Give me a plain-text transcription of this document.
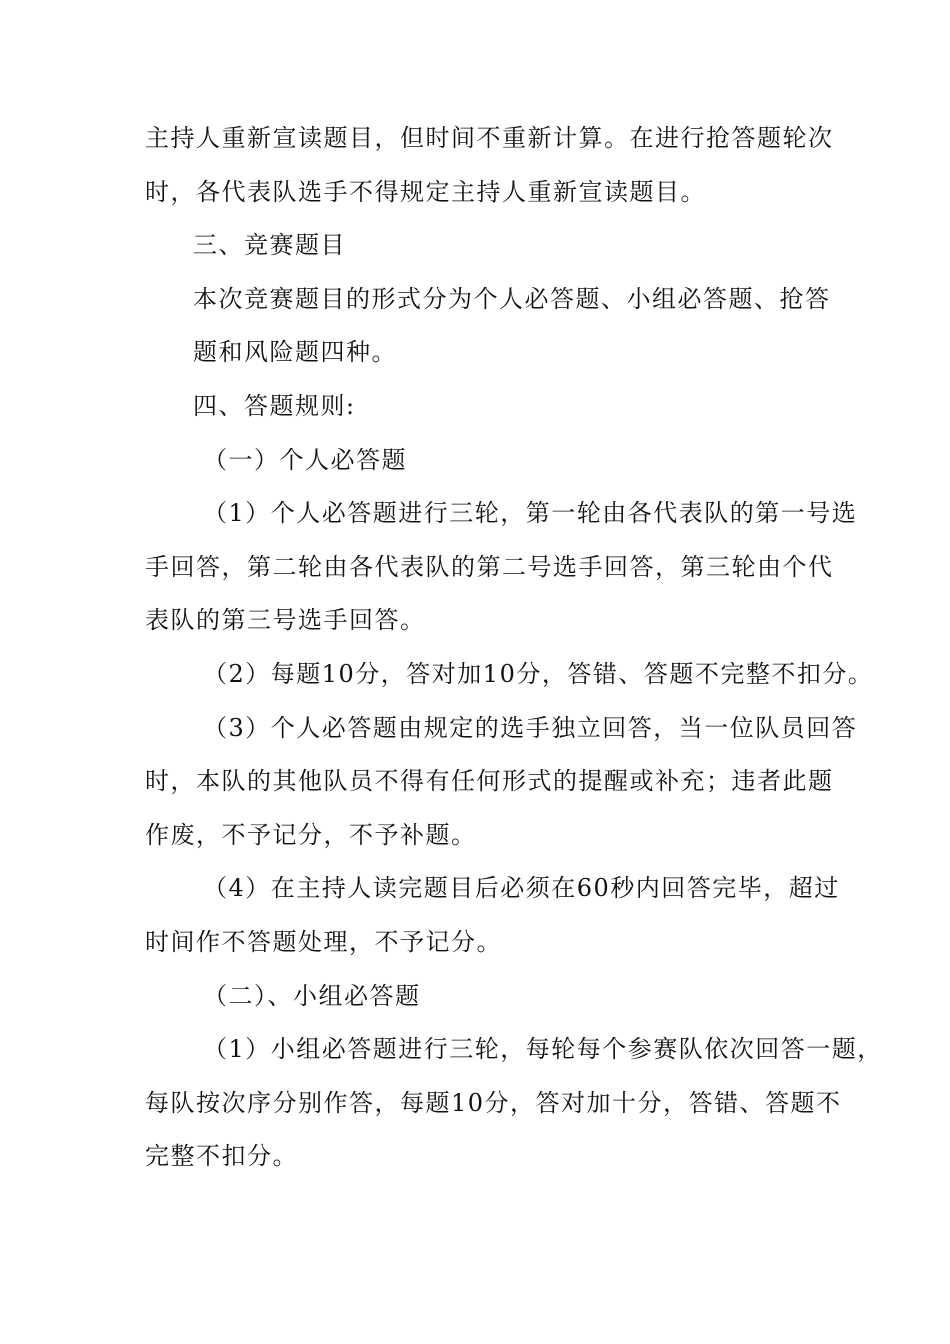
主持人重新宣读题目，但时间不重新计算。在进行抢答题轮次
时，各代表队选手不得规定主持人重新宣读题目。

三、竞赛题目

本次竞赛题目的形式分为个人必答题、小组必答题、抢答
题和风险题四种。

四、答题规则:

（一）个人必答题

（1）个人必答题进行三轮，第一轮由各代表队的第一号选
手回答，第二轮由各代表队的第二号选手回答，第三轮由个代
表队的第三号选手回答。

（2）每题10分，答对加10分，答错、答题不完整不扣分。

（3）个人必答题由规定的选手独立回答，当一位队员回答
时，本队的其他队员不得有任何形式的提醒或补充；违者此题
作废，不予记分，不予补题。

（4）在主持人读完题目后必须在60秒内回答完毕，超过
时间作不答题处理，不予记分。

（二）、小组必答题

（1）小组必答题进行三轮，每轮每个参赛队依次回答一题，
每队按次序分别作答，每题10分，答对加十分，答错、答题不
完整不扣分。
